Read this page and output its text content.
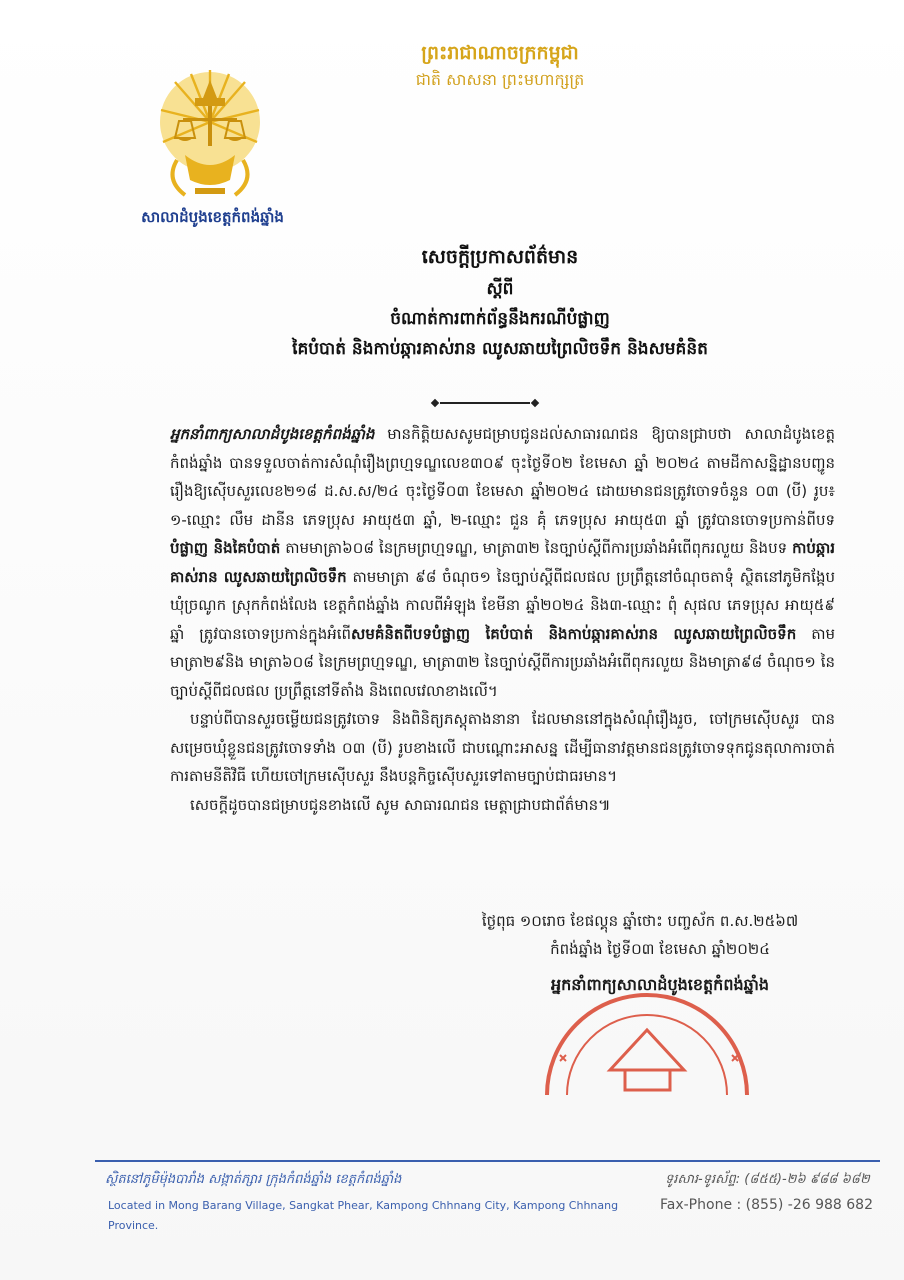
សាលាដំបូងខេត្តកំពង់ឆ្នាំង
ព្រះរាជាណាចក្រកម្ពុជា
ជាតិ សាសនា ព្រះមហាក្សត្រ
សេចក្ដីប្រកាសព័ត៌មាន
ស្ដីពី
ចំណាត់ការពាក់ព័ន្ធនឹងករណីបំផ្លាញ
គៃបំបាត់ និងកាប់ឆ្ការគាស់រាន ឈូសឆាយព្រៃលិចទឹក និងសមគំនិត

អ្នកនាំពាក្យសាលាដំបូងខេត្តកំពង់ឆ្នាំង មានកិត្តិយសសូមជម្រាបជូនដល់សាធារណជន ឱ្យបានជ្រាបថា សាលាដំបូងខេត្តកំពង់ឆ្នាំង បានទទួលចាត់ការសំណុំរឿងព្រហ្មទណ្ឌលេខ៣០៩ ចុះថ្ងៃទី០២ ខែមេសា ឆ្នាំ ២០២៤ តាមដីកាសន្និដ្ឋានបញ្ជូនរឿងឱ្យស៊ើបសួរលេខ២១៨ ដ.ស.ស/២៤ ចុះថ្ងៃទី០៣ ខែមេសា ឆ្នាំ២០២៤ ដោយមានជនត្រូវចោទចំនួន ០៣ (បី) រូប៖ ១-ឈ្មោះ លឹម ដានីន ភេទប្រុស អាយុ៥៣ ឆ្នាំ, ២-ឈ្មោះ ជួន គុំ ភេទប្រុស អាយុ៥៣ ឆ្នាំ ត្រូវបានចោទប្រកាន់ពីបទ បំផ្លាញ និងគៃបំបាត់ តាមមាត្រា៦០៨ នៃក្រមព្រហ្មទណ្ឌ, មាត្រា៣២ នៃច្បាប់ស្ដីពីការប្រឆាំងអំពើពុករលួយ និងបទ កាប់ឆ្ការគាស់រាន ឈូសឆាយព្រៃលិចទឹក តាមមាត្រា ៩៨ ចំណុច១ នៃច្បាប់ស្ដីពីជលផល ប្រព្រឹត្តនៅចំណុចតាទុំ ស្ថិតនៅភូមិកង្កែប ឃុំច្រណូក ស្រុកកំពង់លែង ខេត្តកំពង់ឆ្នាំង កាលពីអំឡុង ខែមីនា ឆ្នាំ២០២៤ និង៣-ឈ្មោះ ពុំ សុផល ភេទប្រុស អាយុ៥៩ ឆ្នាំ ត្រូវបានចោទប្រកាន់ក្នុងអំពើសមគំនិតពីបទបំផ្លាញ គៃបំបាត់ និងកាប់ឆ្ការគាស់រាន ឈូសឆាយព្រៃលិចទឹក តាមមាត្រា២៩និង មាត្រា៦០៨ នៃក្រមព្រហ្មទណ្ឌ, មាត្រា៣២ នៃច្បាប់ស្ដីពីការប្រឆាំងអំពើពុករលួយ និងមាត្រា៩៨ ចំណុច១ នៃ ច្បាប់ស្ដីពីជលផល ប្រព្រឹត្តនៅទីតាំង និងពេលវេលាខាងលើ។

បន្ទាប់ពីបានសួរចម្លើយជនត្រូវចោទ និងពិនិត្យភស្តុតាងនានា ដែលមាននៅក្នុងសំណុំរឿងរួច, ចៅក្រមស៊ើបសួរ បានសម្រេចឃុំខ្លួនជនត្រូវចោទទាំង ០៣ (បី) រូបខាងលើ ជាបណ្ដោះអាសន្ន ដើម្បីធានាវត្តមានជនត្រូវចោទទុកជូនតុលាការចាត់ការតាមនីតិវិធី ហើយចៅក្រមស៊ើបសួរ នឹងបន្តកិច្ចស៊ើបសួរទៅតាមច្បាប់ជាធរមាន។

សេចក្ដីដូចបានជម្រាបជូនខាងលើ សូម សាធារណជន មេត្តាជ្រាបជាព័ត៌មាន៕

ថ្ងៃពុធ ១០រោច ខែផល្គុន ឆ្នាំថោះ បញ្ចស័ក ព.ស.២៥៦៧
កំពង់ឆ្នាំង ថ្ងៃទី០៣ ខែមេសា ឆ្នាំ២០២៤
អ្នកនាំពាក្យសាលាដំបូងខេត្តកំពង់ឆ្នាំង
ស្ថិតនៅភូមិម៉ុងបារាំង សង្កាត់ភ្សារ ក្រុងកំពង់ឆ្នាំង ខេត្តកំពង់ឆ្នាំង
Located in Mong Barang Village, Sangkat Phear, Kampong Chhnang City, Kampong Chhnang Province.
ទូរសារ-ទូរស័ព្ទ: (៨៥៥)-២៦ ៩៨៨ ៦៨២
Fax-Phone : (855) -26 988 682
